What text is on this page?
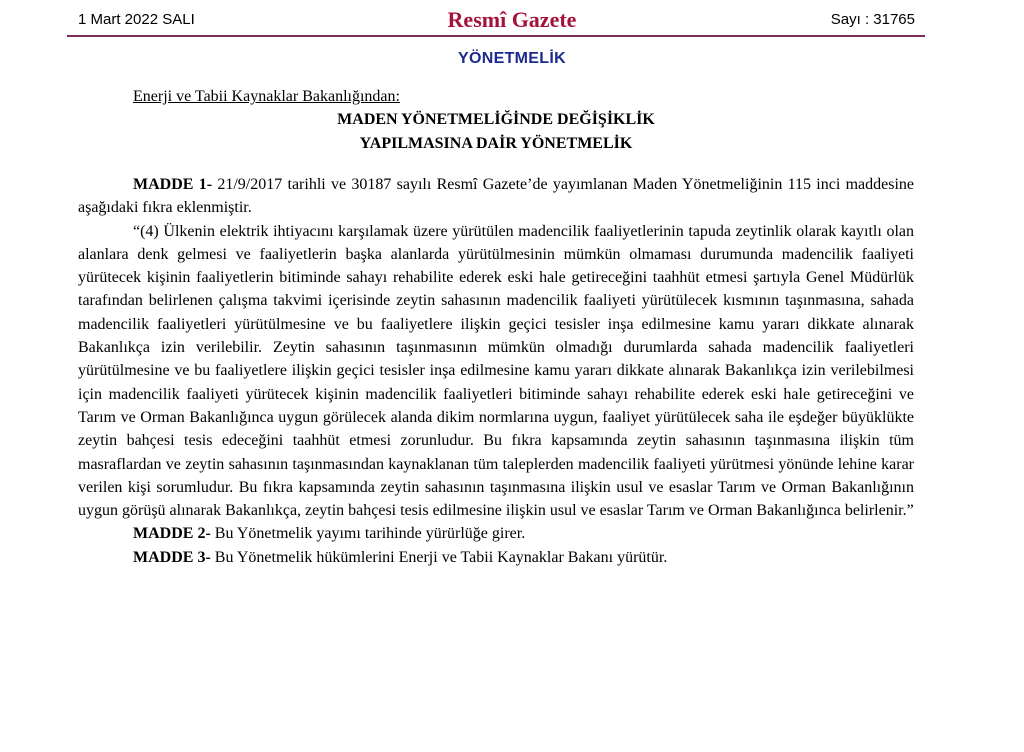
1 Mart 2022 SALI	Resmî Gazete	Sayı : 31765
YÖNETMELİK

Enerji ve Tabii Kaynaklar Bakanlığından:

MADEN YÖNETMELİĞİNDE DEĞİŞİKLİK

YAPILMASINA DAİR YÖNETMELİK

MADDE 1- 21/9/2017 tarihli ve 30187 sayılı Resmî Gazete’de yayımlanan Maden Yönetmeliğinin 115 inci maddesine aşağıdaki fıkra eklenmiştir.

“(4) Ülkenin elektrik ihtiyacını karşılamak üzere yürütülen madencilik faaliyetlerinin tapuda zeytinlik olarak kayıtlı olan alanlara denk gelmesi ve faaliyetlerin başka alanlarda yürütülmesinin mümkün olmaması durumunda madencilik faaliyeti yürütecek kişinin faaliyetlerin bitiminde sahayı rehabilite ederek eski hale getireceğini taahhüt etmesi şartıyla Genel Müdürlük tarafından belirlenen çalışma takvimi içerisinde zeytin sahasının madencilik faaliyeti yürütülecek kısmının taşınmasına, sahada madencilik faaliyetleri yürütülmesine ve bu faaliyetlere ilişkin geçici tesisler inşa edilmesine kamu yararı dikkate alınarak Bakanlıkça izin verilebilir. Zeytin sahasının taşınmasının mümkün olmadığı durumlarda sahada madencilik faaliyetleri yürütülmesine ve bu faaliyetlere ilişkin geçici tesisler inşa edilmesine kamu yararı dikkate alınarak Bakanlıkça izin verilebilmesi için madencilik faaliyeti yürütecek kişinin madencilik faaliyetleri bitiminde sahayı rehabilite ederek eski hale getireceğini ve Tarım ve Orman Bakanlığınca uygun görülecek alanda dikim normlarına uygun, faaliyet yürütülecek saha ile eşdeğer büyüklükte zeytin bahçesi tesis edeceğini taahhüt etmesi zorunludur. Bu fıkra kapsamında zeytin sahasının taşınmasına ilişkin tüm masraflardan ve zeytin sahasının taşınmasından kaynaklanan tüm taleplerden madencilik faaliyeti yürütmesi yönünde lehine karar verilen kişi sorumludur. Bu fıkra kapsamında zeytin sahasının taşınmasına ilişkin usul ve esaslar Tarım ve Orman Bakanlığının uygun görüşü alınarak Bakanlıkça, zeytin bahçesi tesis edilmesine ilişkin usul ve esaslar Tarım ve Orman Bakanlığınca belirlenir.”

MADDE 2- Bu Yönetmelik yayımı tarihinde yürürlüğe girer.

MADDE 3- Bu Yönetmelik hükümlerini Enerji ve Tabii Kaynaklar Bakanı yürütür.
